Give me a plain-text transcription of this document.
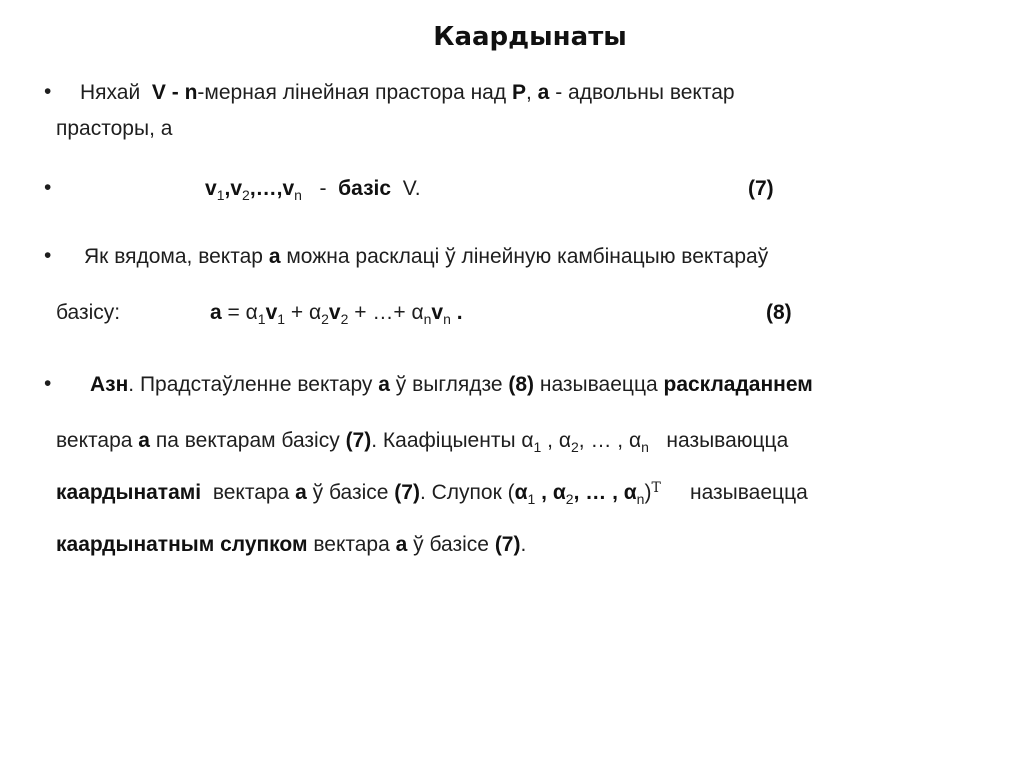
Каардынаты
• Няхай V - n-мерная лінейная прастора над P, a - адвольны вектар
прасторы, а
•	$v_1,v_2,\dots,v_n$ - базіс V.	(7)
• Як вядома, вектар a можна расклацi ў лінейную камбінацыю вектараў
базісу:	$a = \alpha_1v_1 + \alpha_2v_2$ + …+ $\alpha_nv_n$ .	(8)
• Азн. Прадстаўленне вектару a ў выглядзе (8) называецца раскладаннем
вектара a па вектарам базісу (7). Каафіцыенты $\alpha_1$ , $\alpha_2$, … , $\alpha_n$ называюцца
каардынатамі вектара a ў базісе (7). Слупок ($\alpha_1$ , $\alpha_2$, … , $\alpha_n)^T$ называецца
каардынатным слупком вектара a ў базісе (7).
